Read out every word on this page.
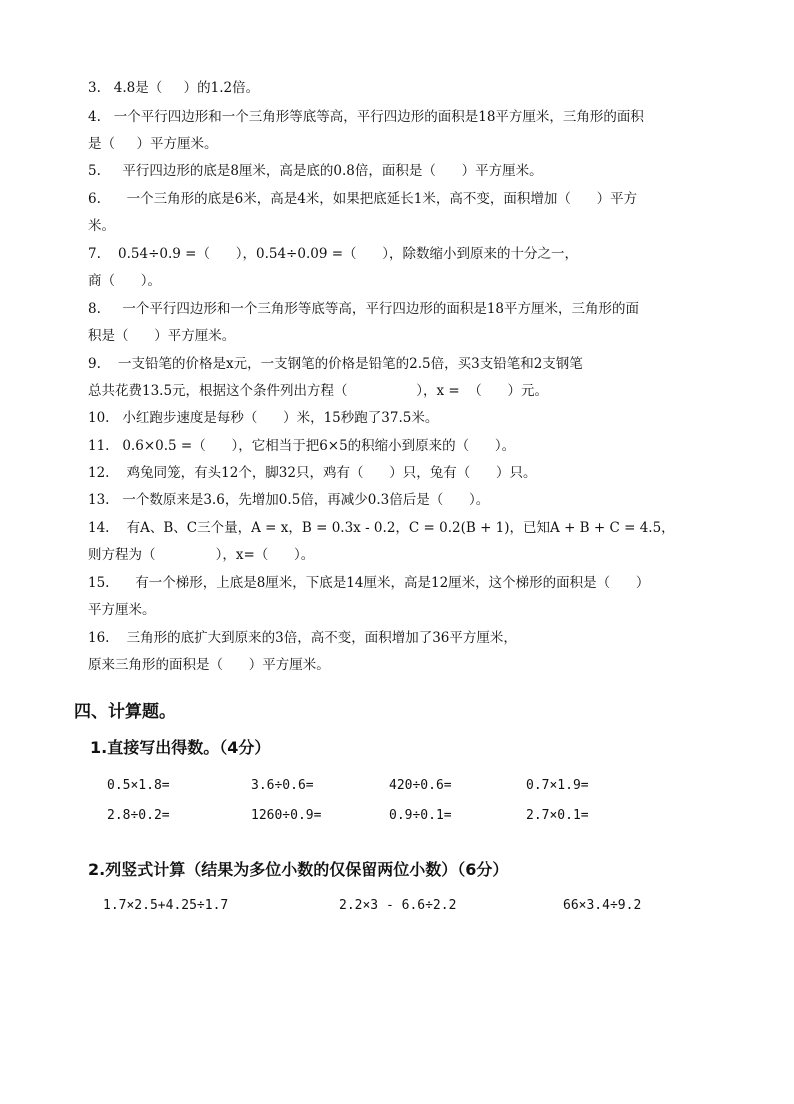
3.   4.8是（     ）的1.2倍。
4.   一个平行四边形和一个三角形等底等高，平行四边形的面积是18平方厘米，三角形的面积
是（     ）平方厘米。
5.     平行四边形的底是8厘米，高是底的0.8倍，面积是（      ）平方厘米。
6.      一个三角形的底是6米，高是4米，如果把底延长1米，高不变，面积增加（      ）平方
米。
7.    0.54÷0.9 =（      ），0.54÷0.09 =（      ），除数缩小到原来的十分之一，
商（      ）。
8.     一个平行四边形和一个三角形等底等高，平行四边形的面积是18平方厘米，三角形的面
积是（      ）平方厘米。
9.    一支铅笔的价格是x元，一支钢笔的价格是铅笔的2.5倍，买3支铅笔和2支钢笔
总共花费13.5元，根据这个条件列出方程（                ），x =  （      ）元。
10.   小红跑步速度是每秒（      ）米，15秒跑了37.5米。
11.   0.6×0.5 =（      ），它相当于把6×5的积缩小到原来的（      ）。
12.    鸡兔同笼，有头12个，脚32只，鸡有（      ）只，兔有（      ）只。
13.   一个数原来是3.6，先增加0.5倍，再减少0.3倍后是（      ）。
14.    有A、B、C三个量，A = x，B = 0.3x - 0.2，C = 0.2(B + 1)，已知A + B + C = 4.5，
则方程为（              ），x=（      ）。
15.      有一个梯形，上底是8厘米，下底是14厘米，高是12厘米，这个梯形的面积是（      ）
平方厘米。
16.    三角形的底扩大到原来的3倍，高不变，面积增加了36平方厘米，
原来三角形的面积是（      ）平方厘米。
四、计算题。
1.直接写出得数。（4分）
0.5×1.8=	3.6÷0.6=	420÷0.6=	0.7×1.9=
2.8÷0.2=	1260÷0.9=	0.9÷0.1=	2.7×0.1=
2.列竖式计算（结果为多位小数的仅保留两位小数）（6分）
1.7×2.5+4.25÷1.7	2.2×3 - 6.6÷2.2	66×3.4÷9.2
